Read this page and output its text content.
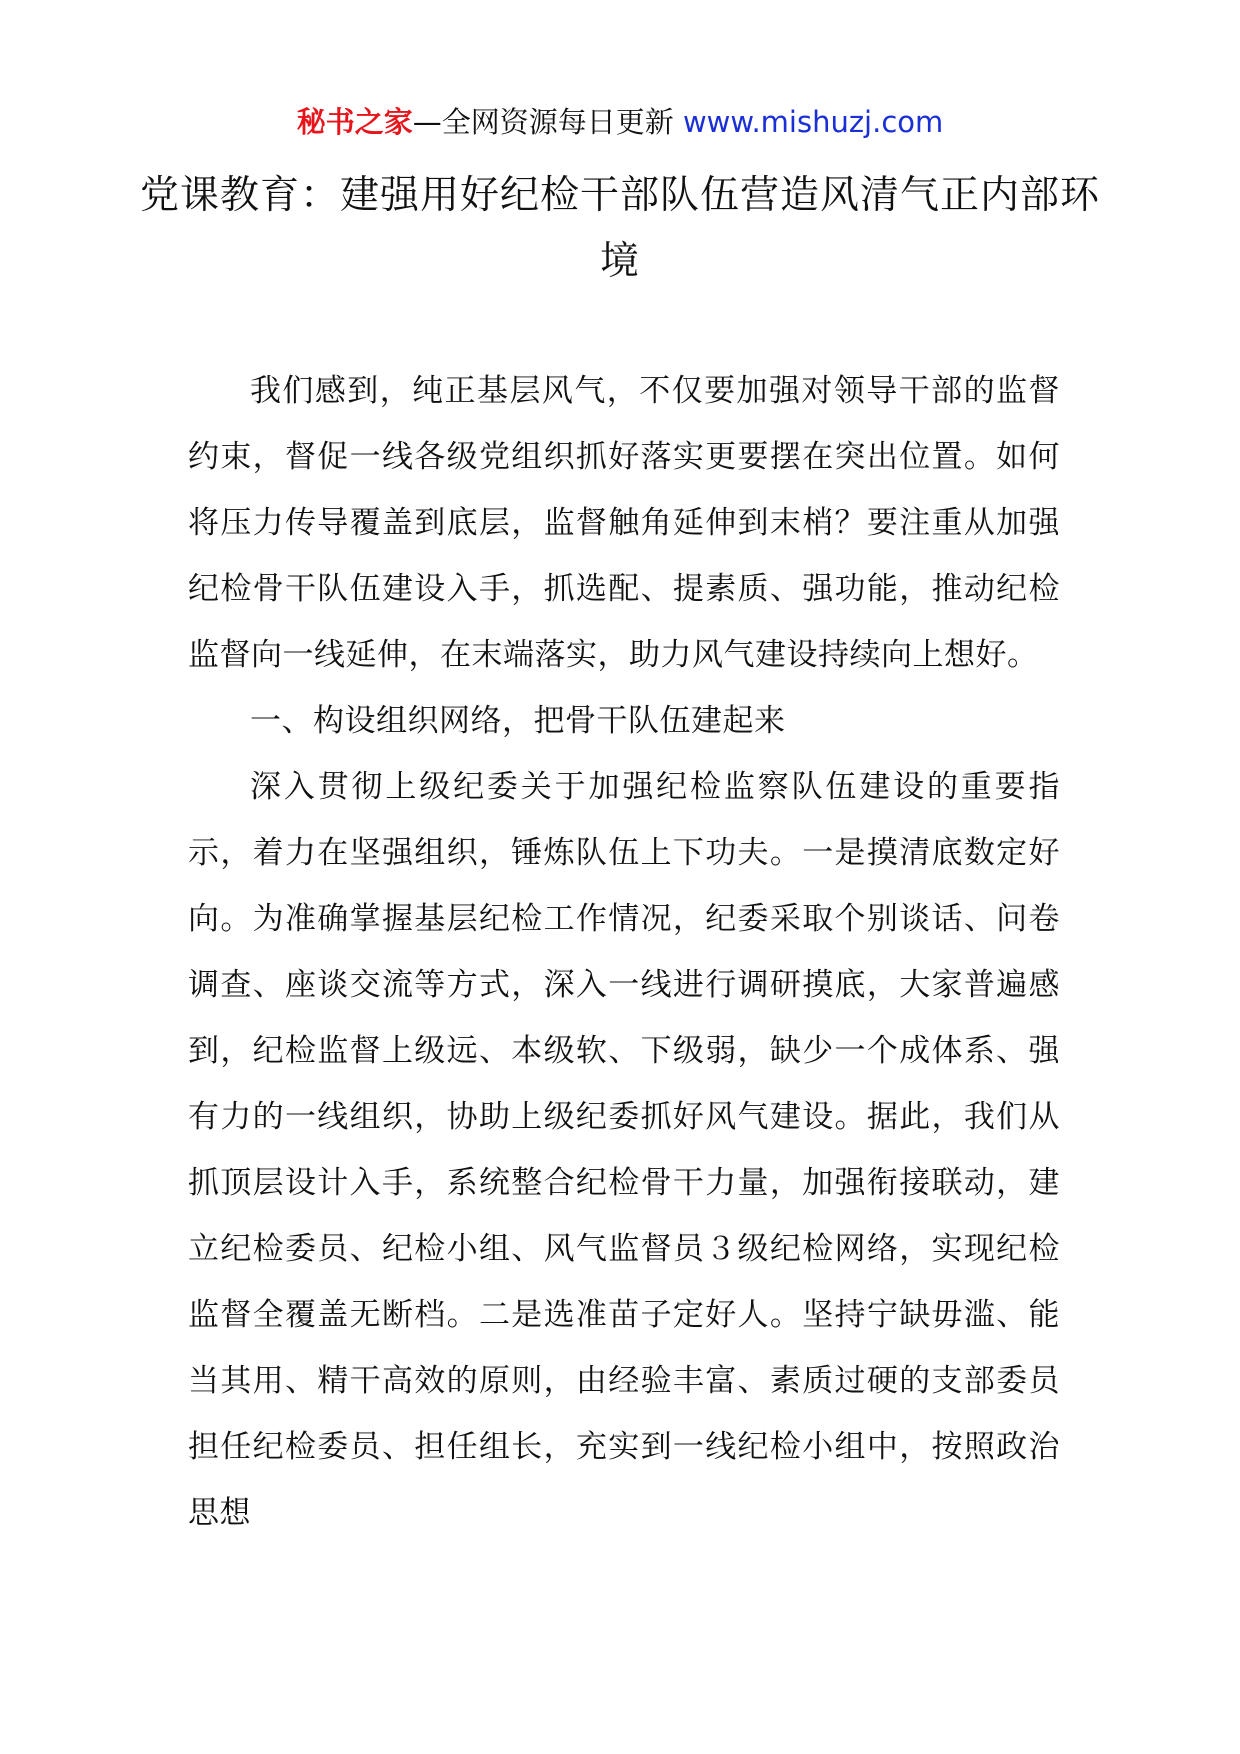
秘书之家—全网资源每日更新 www.mishuzj.com
党课教育：建强用好纪检干部队伍营造风清气正内部环境

我们感到，纯正基层风气，不仅要加强对领导干部的监督约束，督促一线各级党组织抓好落实更要摆在突出位置。如何将压力传导覆盖到底层，监督触角延伸到末梢？要注重从加强纪检骨干队伍建设入手，抓选配、提素质、强功能，推动纪检监督向一线延伸，在末端落实，助力风气建设持续向上想好。

一、构设组织网络，把骨干队伍建起来

深入贯彻上级纪委关于加强纪检监察队伍建设的重要指示，着力在坚强组织，锤炼队伍上下功夫。一是摸清底数定好向。为准确掌握基层纪检工作情况，纪委采取个别谈话、问卷调查、座谈交流等方式，深入一线进行调研摸底，大家普遍感到，纪检监督上级远、本级软、下级弱，缺少一个成体系、强有力的一线组织，协助上级纪委抓好风气建设。据此，我们从抓顶层设计入手，系统整合纪检骨干力量，加强衔接联动，建立纪检委员、纪检小组、风气监督员３级纪检网络，实现纪检监督全覆盖无断档。二是选准苗子定好人。坚持宁缺毋滥、能当其用、精干高效的原则，由经验丰富、素质过硬的支部委员担任纪检委员、担任组长，充实到一线纪检小组中，按照政治思想
